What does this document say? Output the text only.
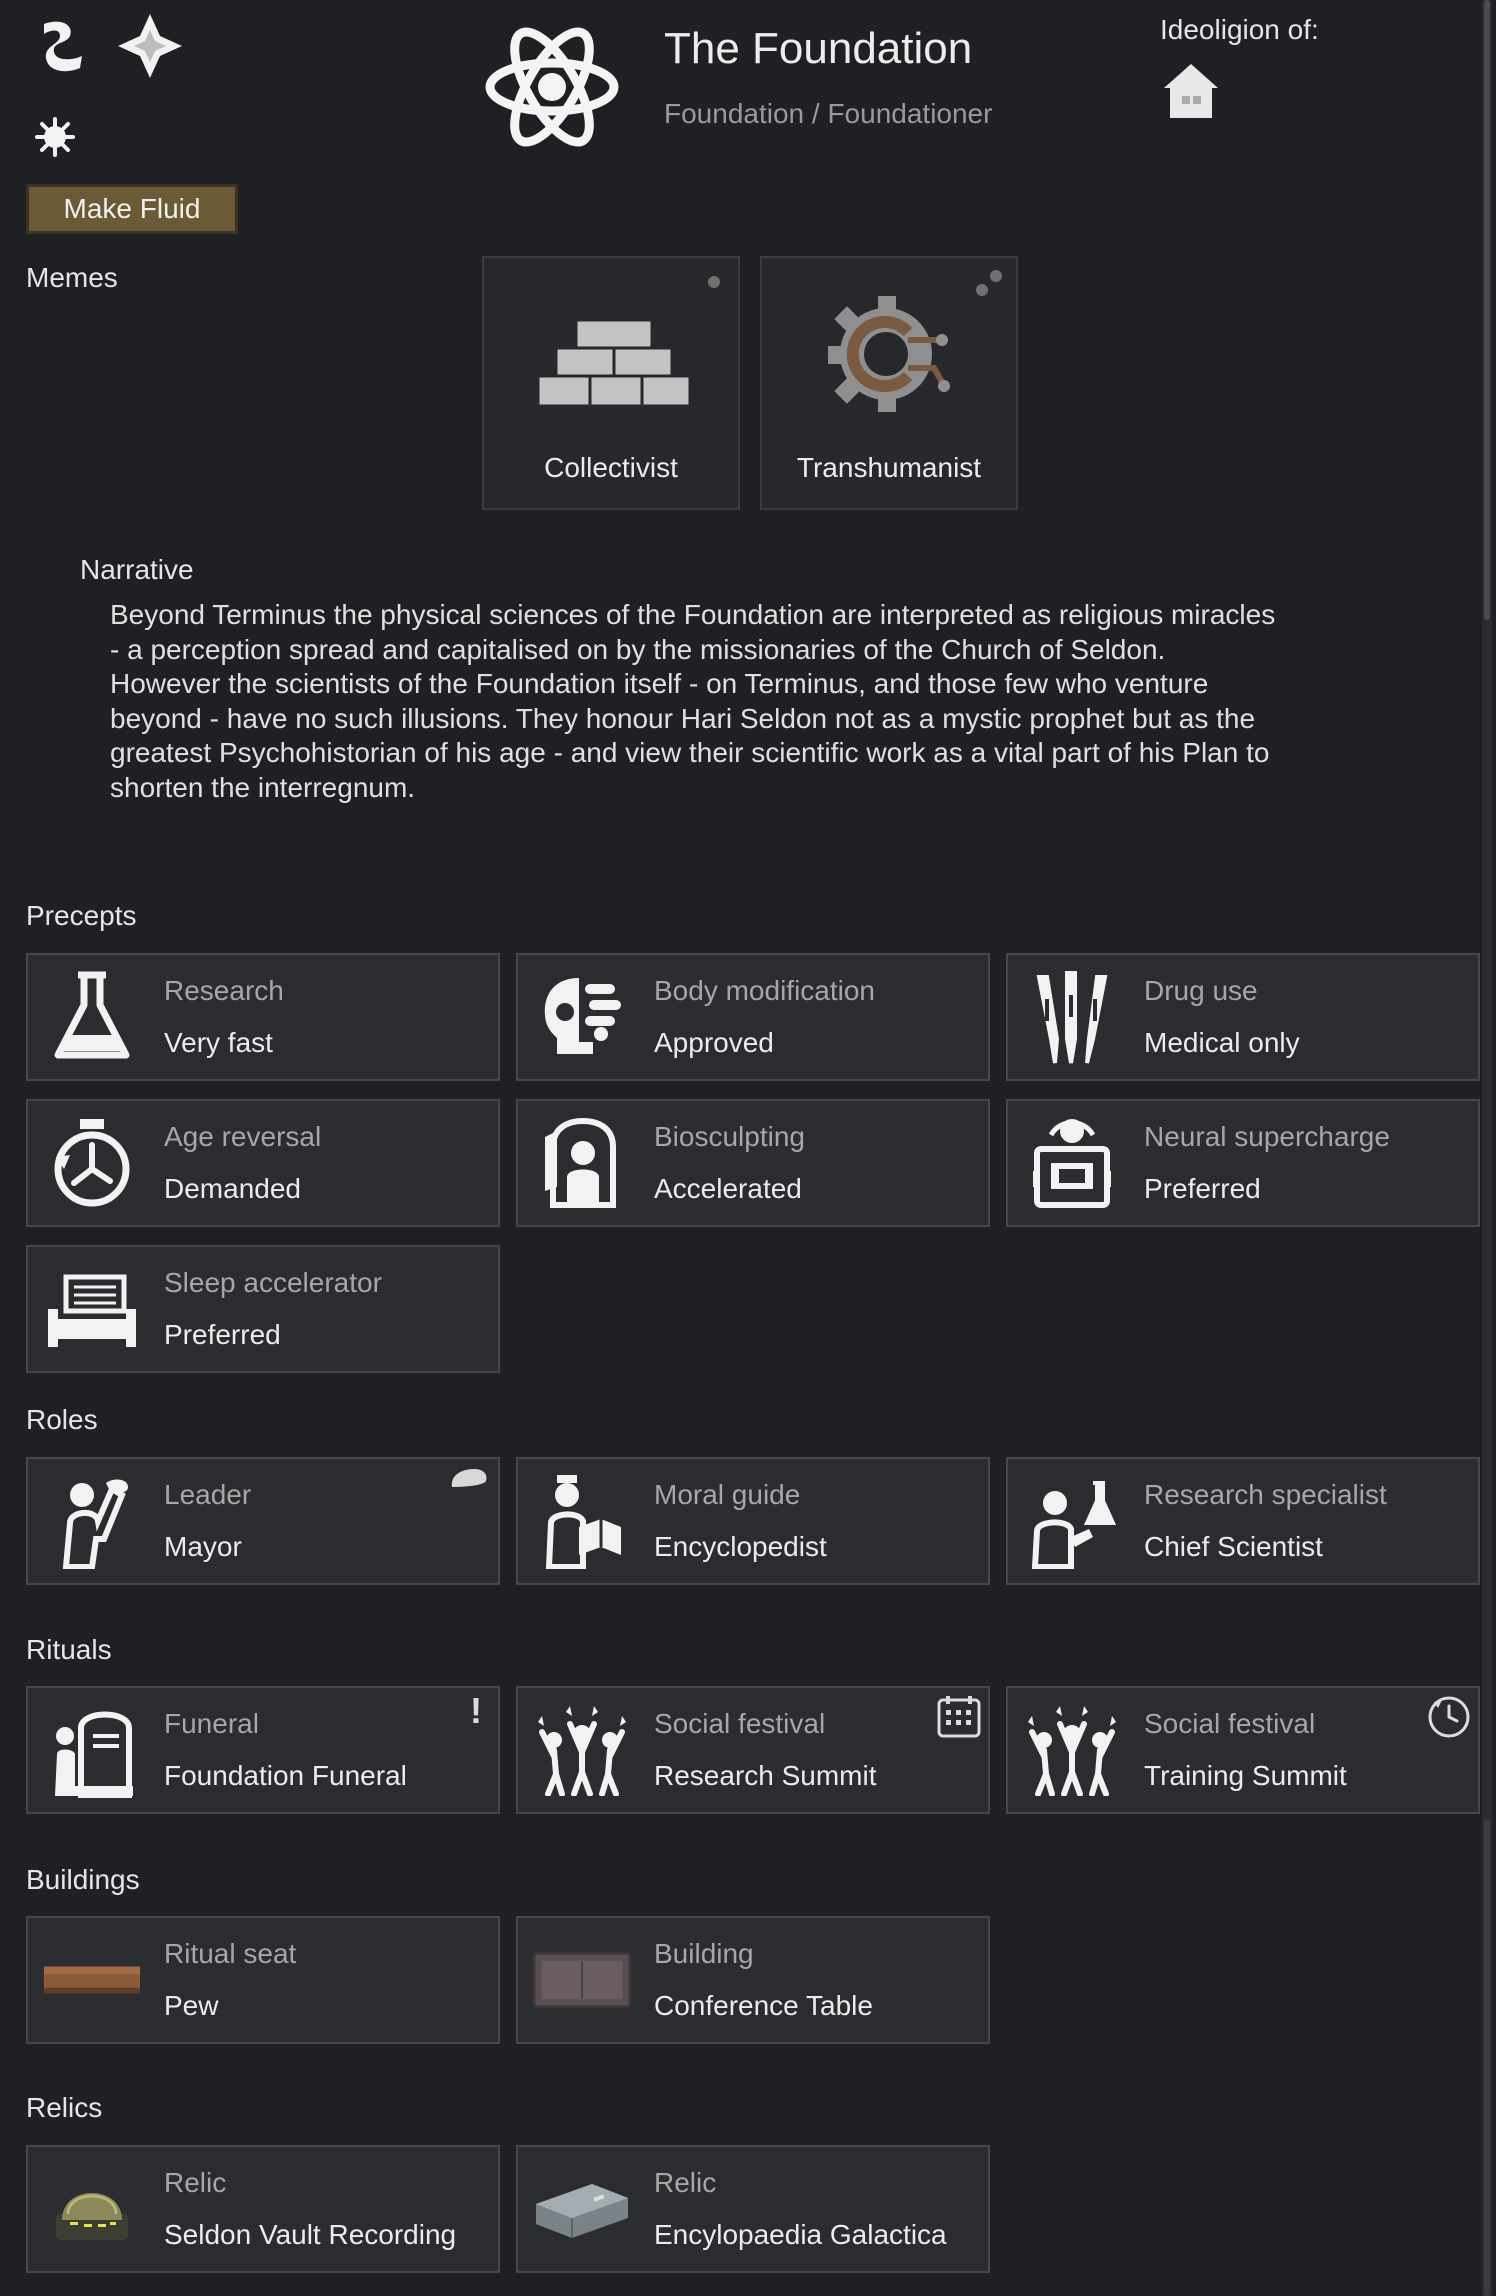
The Foundation
Foundation / Foundationer
Ideoligion of:
Make Fluid
Memes
Collectivist	Transhumanist
Narrative
Beyond Terminus the physical sciences of the Foundation are interpreted as religious miracles
- a perception spread and capitalised on by the missionaries of the Church of Seldon.
However the scientists of the Foundation itself - on Terminus, and those few who venture
beyond - have no such illusions. They honour Hari Seldon not as a mystic prophet but as the
greatest Psychohistorian of his age - and view their scientific work as a vital part of his Plan to
shorten the interregnum.
Precepts
Research
Very fast
Body modification
Approved
Drug use
Medical only
Age reversal
Demanded
Biosculpting
Accelerated
Neural supercharge
Preferred
Sleep accelerator
Preferred
Roles
Leader
Mayor
Moral guide
Encyclopedist
Research specialist
Chief Scientist
Rituals
!
Funeral
Foundation Funeral
Social festival
Research Summit
Social festival
Training Summit
Buildings
Ritual seat
Pew
Building
Conference Table
Relics
Relic
Seldon Vault Recording
Relic
Encylopaedia Galactica
